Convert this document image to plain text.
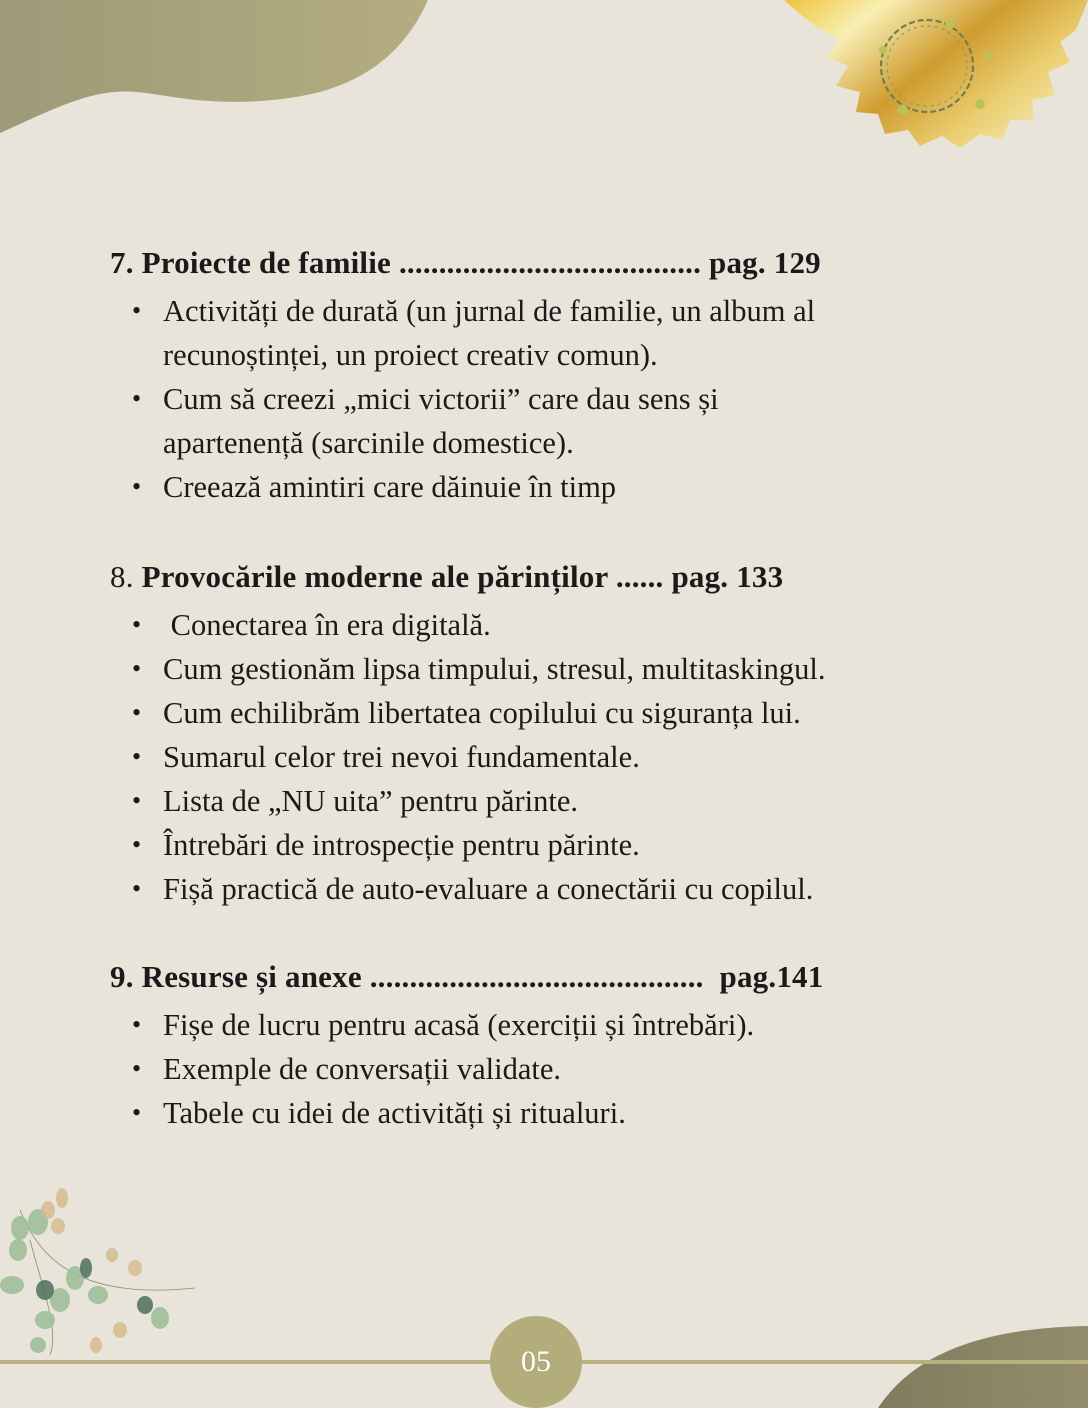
7. Proiecte de familie ...................................... pag. 129
• Activități de durată (un jurnal de familie, un album al recunoștinței, un proiect creativ comun).
• Cum să creezi „mici victorii” care dau sens și apartenență (sarcinile domestice).
• Creează amintiri care dăinuie în timp
8. Provocările moderne ale părinților ...... pag. 133
•  Conectarea în era digitală.
• Cum gestionăm lipsa timpului, stresul, multitaskingul.
• Cum echilibrăm libertatea copilului cu siguranța lui.
• Sumarul celor trei nevoi fundamentale.
• Lista de „NU uita” pentru părinte.
• Întrebări de introspecție pentru părinte.
• Fișă practică de auto-evaluare a conectării cu copilul.
9. Resurse și anexe ..........................................  pag.141
• Fișe de lucru pentru acasă (exerciții și întrebări).
• Exemple de conversații validate.
• Tabele cu idei de activități și ritualuri.
05
